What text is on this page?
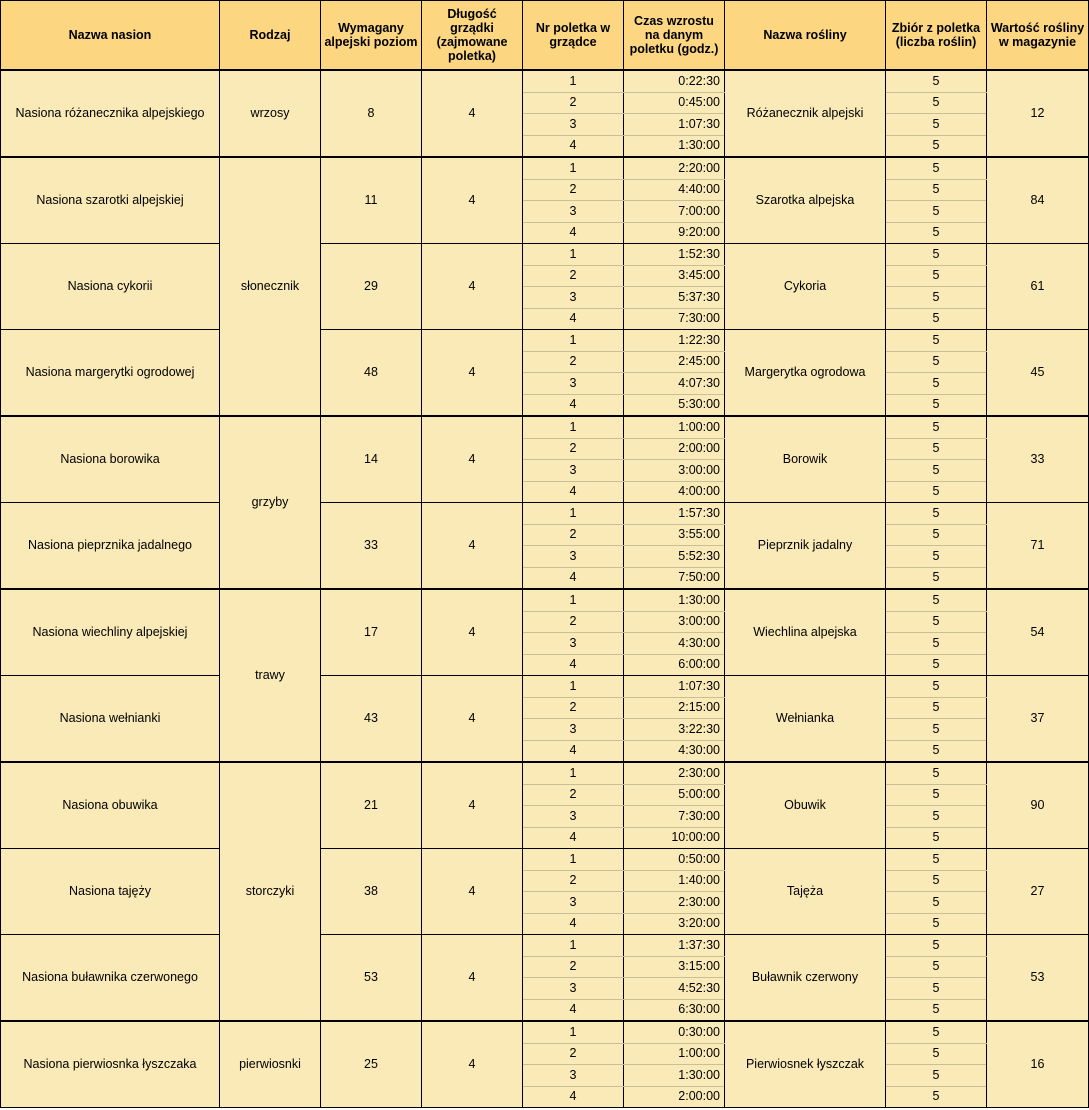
Nazwa nasion	Rodzaj	Wymagany alpejski poziom	Długość grządki (zajmowane poletka)	Nr poletka w grządce	Czas wzrostu na danym poletku (godz.)	Nazwa rośliny	Zbiór z poletka (liczba roślin)	Wartość rośliny w magazynie
Nasiona różanecznika alpejskiego	wrzosy	8	4	1	0:22:30	Różanecznik alpejski	5	12
				2	0:45:00		5	
				3	1:07:30		5	
				4	1:30:00		5	
Nasiona szarotki alpejskiej	słonecznik	11	4	1	2:20:00	Szarotka alpejska	5	84
				2	4:40:00		5	
				3	7:00:00		5	
				4	9:20:00		5	
Nasiona cykorii		29	4	1	1:52:30	Cykoria	5	61
				2	3:45:00		5	
				3	5:37:30		5	
				4	7:30:00		5	
Nasiona margerytki ogrodowej		48	4	1	1:22:30	Margerytka ogrodowa	5	45
				2	2:45:00		5	
				3	4:07:30		5	
				4	5:30:00		5	
Nasiona borowika	grzyby	14	4	1	1:00:00	Borowik	5	33
				2	2:00:00		5	
				3	3:00:00		5	
				4	4:00:00		5	
Nasiona pieprznika jadalnego		33	4	1	1:57:30	Pieprznik jadalny	5	71
				2	3:55:00		5	
				3	5:52:30		5	
				4	7:50:00		5	
Nasiona wiechliny alpejskiej	trawy	17	4	1	1:30:00	Wiechlina alpejska	5	54
				2	3:00:00		5	
				3	4:30:00		5	
				4	6:00:00		5	
Nasiona wełnianki		43	4	1	1:07:30	Wełnianka	5	37
				2	2:15:00		5	
				3	3:22:30		5	
				4	4:30:00		5	
Nasiona obuwika	storczyki	21	4	1	2:30:00	Obuwik	5	90
				2	5:00:00		5	
				3	7:30:00		5	
				4	10:00:00		5	
Nasiona tajęży		38	4	1	0:50:00	Tajęża	5	27
				2	1:40:00		5	
				3	2:30:00		5	
				4	3:20:00		5	
Nasiona buławnika czerwonego		53	4	1	1:37:30	Buławnik czerwony	5	53
				2	3:15:00		5	
				3	4:52:30		5	
				4	6:30:00		5	
Nasiona pierwiosnka łyszczaka	pierwiosnki	25	4	1	0:30:00	Pierwiosnek łyszczak	5	16
				2	1:00:00		5	
				3	1:30:00		5	
				4	2:00:00		5	
